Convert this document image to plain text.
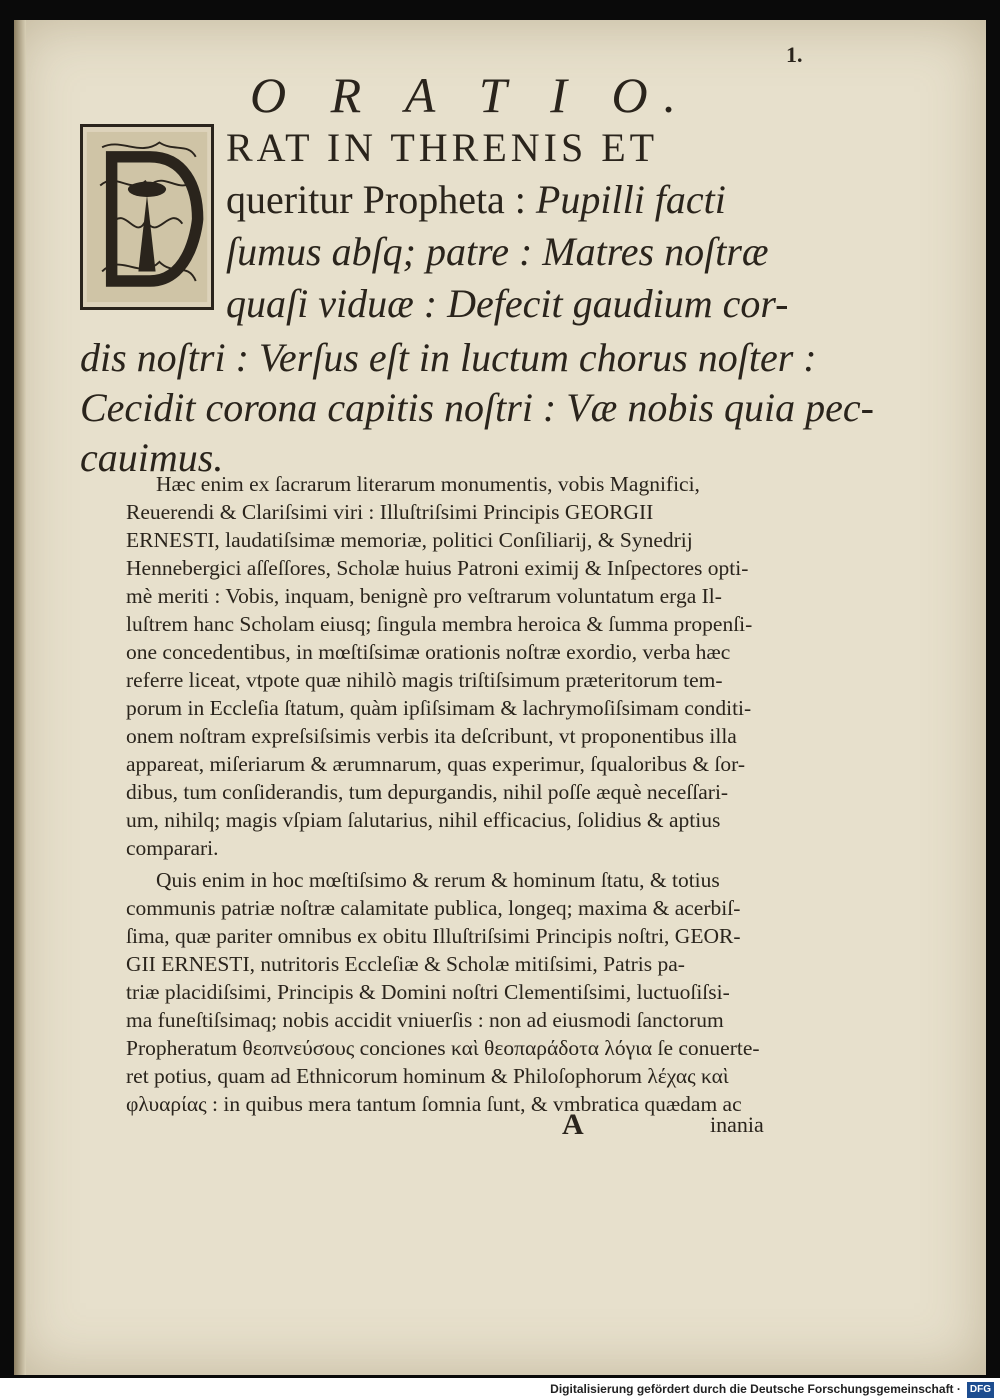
1.
O R A T I O.
RAT IN THRENIS ET
queritur Propheta : Pupilli facti
ſumus abſq; patre : Matres noſtræ
quaſi viduæ : Defecit gaudium cor-
dis noſtri : Verſus eſt in luctum chorus noſter :
Cecidit corona capitis noſtri : Væ nobis quia pec-
cauimus.
Hæc enim ex ſacrarum literarum monumentis, vobis Magnifici,
Reuerendi & Clariſsimi viri : Illuſtriſsimi Principis GEORGII
ERNESTI, laudatiſsimæ memoriæ, politici Conſiliarij, & Synedrij
Hennebergici aſſeſſores, Scholæ huius Patroni eximij & Inſpectores opti-
mè meriti : Vobis, inquam, benignè pro veſtrarum voluntatum erga Il-
luſtrem hanc Scholam eiusq; ſingula membra heroica & ſumma propenſi-
one concedentibus, in mœſtiſsimæ orationis noſtræ exordio, verba hæc
referre liceat, vtpote quæ nihilò magis triſtiſsimum præteritorum tem-
porum in Eccleſia ſtatum, quàm ipſiſsimam & lachrymoſiſsimam conditi-
onem noſtram expreſsiſsimis verbis ita deſcribunt, vt proponentibus illa
appareat, miſeriarum & ærumnarum, quas experimur, ſqualoribus & ſor-
dibus, tum conſiderandis, tum depurgandis, nihil poſſe æquè neceſſari-
um, nihilq; magis vſpiam ſalutarius, nihil efficacius, ſolidius & aptius
comparari.
Quis enim in hoc mœſtiſsimo & rerum & hominum ſtatu, & totius
communis patriæ noſtræ calamitate publica, longeq; maxima & acerbiſ-
ſima, quæ pariter omnibus ex obitu Illuſtriſsimi Principis noſtri, GEOR-
GII ERNESTI, nutritoris Eccleſiæ & Scholæ mitiſsimi, Patris pa-
triæ placidiſsimi, Principis & Domini noſtri Clementiſsimi, luctuoſiſsi-
ma funeſtiſsimaq; nobis accidit vniuerſis : non ad eiusmodi ſanctorum
Propheratum θεοπνεύσους conciones καὶ θεοπαράδοτα λόγια ſe conuerte-
ret potius, quam ad Ethnicorum hominum & Philoſophorum λέχας καὶ
φλυαρίας : in quibus mera tantum ſomnia ſunt, & vmbratica quædam ac
A	inania
Digitalisierung gefördert durch die Deutsche Forschungsgemeinschaft · DFG
